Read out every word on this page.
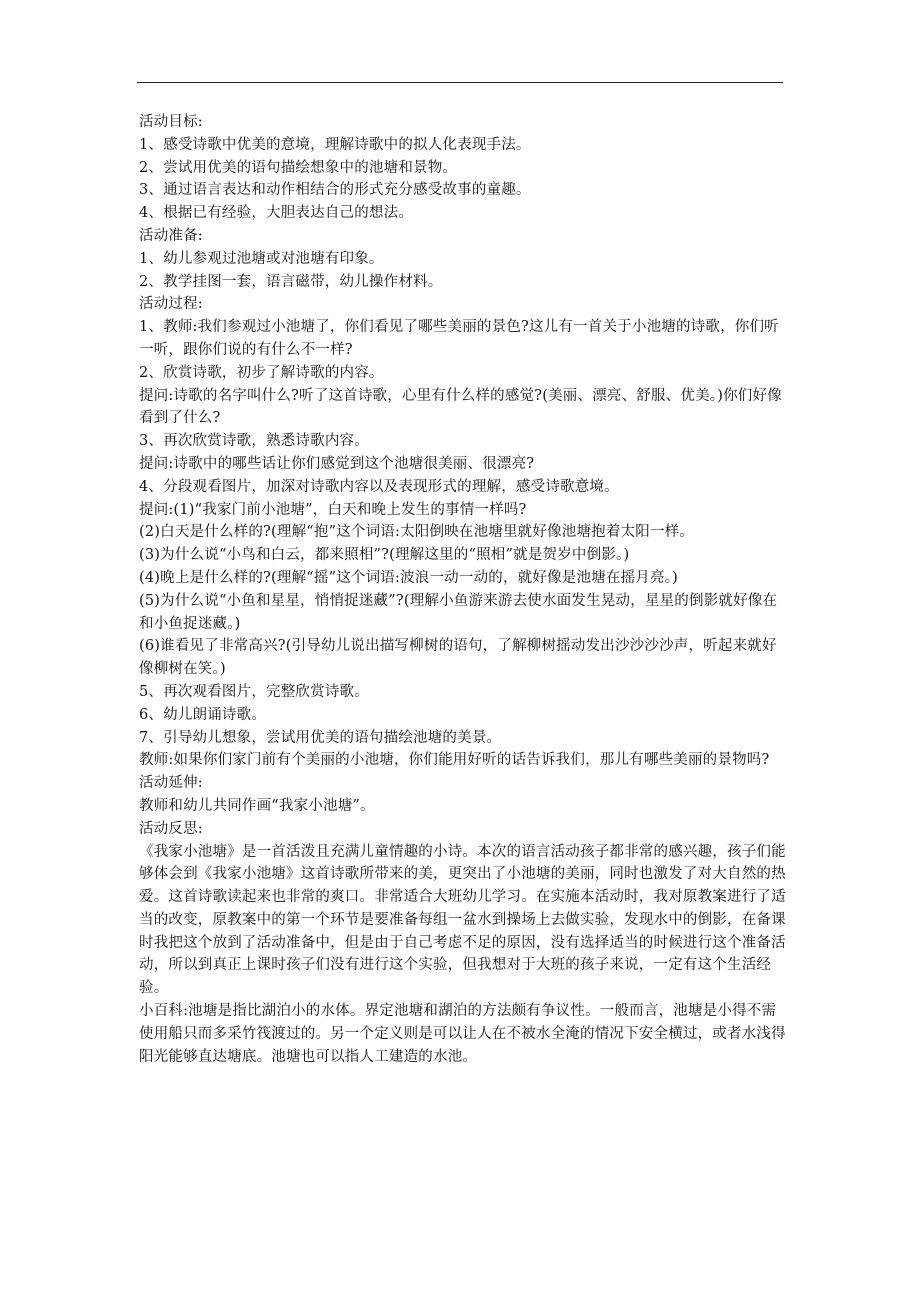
活动目标:

1、感受诗歌中优美的意境，理解诗歌中的拟人化表现手法。

2、尝试用优美的语句描绘想象中的池塘和景物。

3、通过语言表达和动作相结合的形式充分感受故事的童趣。

4、根据已有经验，大胆表达自己的想法。

活动准备:

1、幼儿参观过池塘或对池塘有印象。

2、教学挂图一套，语言磁带，幼儿操作材料。

活动过程:

1、教师:我们参观过小池塘了，你们看见了哪些美丽的景色?这儿有一首关于小池塘的诗歌，你们听一听，跟你们说的有什么不一样?

2、欣赏诗歌，初步了解诗歌的内容。

提问:诗歌的名字叫什么?听了这首诗歌，心里有什么样的感觉?(美丽、漂亮、舒服、优美。)你们好像看到了什么?

3、再次欣赏诗歌，熟悉诗歌内容。

提问:诗歌中的哪些话让你们感觉到这个池塘很美丽、很漂亮?

4、分段观看图片，加深对诗歌内容以及表现形式的理解，感受诗歌意境。

提问:(1)“我家门前小池塘”，白天和晚上发生的事情一样吗?

(2)白天是什么样的?(理解“抱”这个词语:太阳倒映在池塘里就好像池塘抱着太阳一样。

(3)为什么说“小鸟和白云，都来照相”?(理解这里的“照相”就是贺岁中倒影。)

(4)晚上是什么样的?(理解“摇”这个词语:波浪一动一动的，就好像是池塘在摇月亮。)

(5)为什么说“小鱼和星星，悄悄捉迷藏”?(理解小鱼游来游去使水面发生晃动，星星的倒影就好像在和小鱼捉迷藏。)

(6)谁看见了非常高兴?(引导幼儿说出描写柳树的语句，了解柳树摇动发出沙沙沙沙声，听起来就好像柳树在笑。)

5、再次观看图片，完整欣赏诗歌。

6、幼儿朗诵诗歌。

7、引导幼儿想象，尝试用优美的语句描绘池塘的美景。

教师:如果你们家门前有个美丽的小池塘，你们能用好听的话告诉我们，那儿有哪些美丽的景物吗?

活动延伸:

教师和幼儿共同作画“我家小池塘”。

活动反思:

《我家小池塘》是一首活泼且充满儿童情趣的小诗。本次的语言活动孩子都非常的感兴趣，孩子们能够体会到《我家小池塘》这首诗歌所带来的美，更突出了小池塘的美丽，同时也激发了对大自然的热爱。这首诗歌读起来也非常的爽口。非常适合大班幼儿学习。在实施本活动时，我对原教案进行了适当的改变，原教案中的第一个环节是要准备每组一盆水到操场上去做实验，发现水中的倒影，在备课时我把这个放到了活动准备中，但是由于自己考虑不足的原因，没有选择适当的时候进行这个准备活动，所以到真正上课时孩子们没有进行这个实验，但我想对于大班的孩子来说，一定有这个生活经验。

小百科:池塘是指比湖泊小的水体。界定池塘和湖泊的方法颇有争议性。一般而言，池塘是小得不需使用船只而多采竹筏渡过的。另一个定义则是可以让人在不被水全淹的情况下安全横过，或者水浅得阳光能够直达塘底。池塘也可以指人工建造的水池。
